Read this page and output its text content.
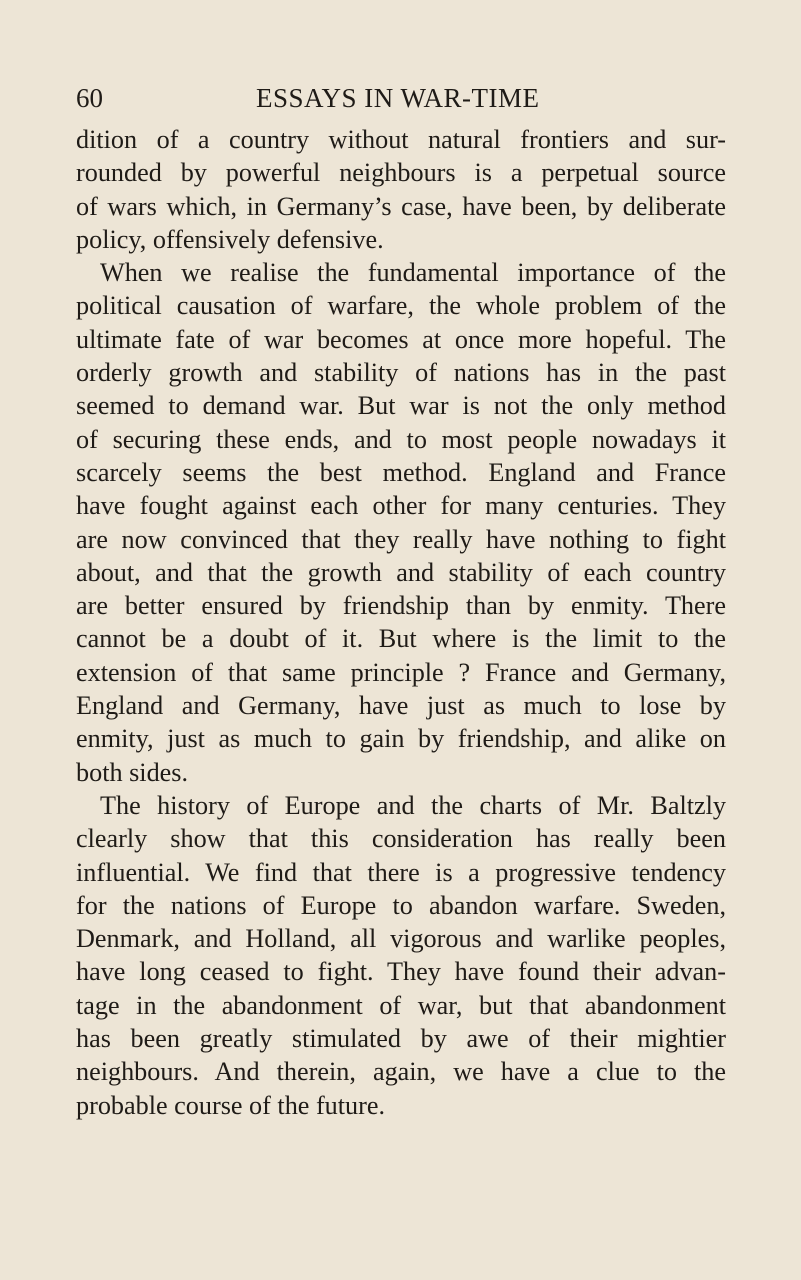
60	ESSAYS IN WAR-TIME
dition of a country without natural frontiers and sur-
rounded by powerful neighbours is a perpetual source
of wars which, in Germany’s case, have been, by deliberate
policy, offensively defensive.
When we realise the fundamental importance of the
political causation of warfare, the whole problem of the
ultimate fate of war becomes at once more hopeful. The
orderly growth and stability of nations has in the past
seemed to demand war. But war is not the only method
of securing these ends, and to most people nowadays it
scarcely seems the best method. England and France
have fought against each other for many centuries. They
are now convinced that they really have nothing to fight
about, and that the growth and stability of each country
are better ensured by friendship than by enmity. There
cannot be a doubt of it. But where is the limit to the
extension of that same principle ? France and Germany,
England and Germany, have just as much to lose by
enmity, just as much to gain by friendship, and alike on
both sides.
The history of Europe and the charts of Mr. Baltzly
clearly show that this consideration has really been
influential. We find that there is a progressive tendency
for the nations of Europe to abandon warfare. Sweden,
Denmark, and Holland, all vigorous and warlike peoples,
have long ceased to fight. They have found their advan-
tage in the abandonment of war, but that abandonment
has been greatly stimulated by awe of their mightier
neighbours. And therein, again, we have a clue to the
probable course of the future.
